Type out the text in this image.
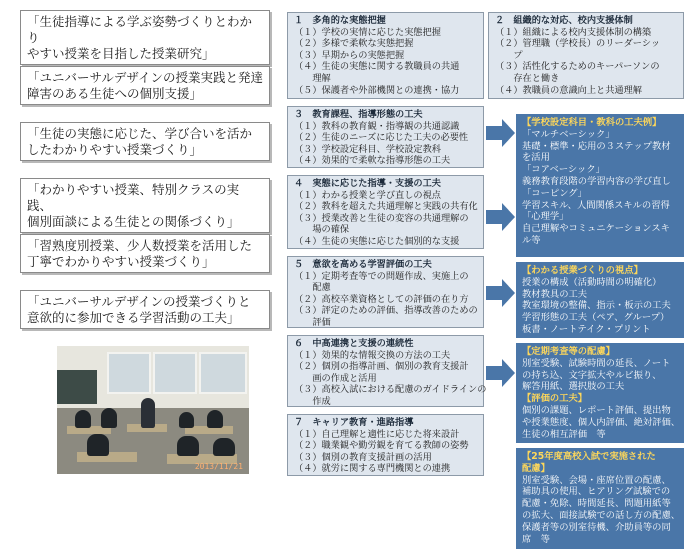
「生徒指導による学ぶ姿勢づくりとわかり
やすい授業を目指した授業研究」
「ユニバーサルデザインの授業実践と発達
障害のある生徒への個別支援」
「生徒の実態に応じた、学び合いを活か
したわかりやすい授業づくり」
「わかりやすい授業、特別クラスの実践、
個別面談による生徒との関係づくり」
「習熟度別授業、少人数授業を活用した
丁寧でわかりやすい授業づくり」
「ユニバーサルデザインの授業づくりと
意欲的に参加できる学習活動の工夫」
2013/11/21
１　多角的な実態把握
（１）学校の実情に応じた実態把握
（２）多様で柔軟な実態把握
（３）早期からの実態把握
（４）生徒の実態に関する教職員の共通
　　理解
（５）保護者や外部機関との連携・協力
２　組織的な対応、校内支援体制
（１）組織による校内支援体制の構築
（２）管理職（学校長）のリーダーシッ
　　プ
（３）活性化するためのキーパーソンの
　　存在と働き
（４）教職員の意識向上と共通理解
３　教育課程、指導形態の工夫
（１）教科の教育観・指導観の共通認識
（２）生徒のニーズに応じた工夫の必要性
（３）学校設定科目、学校設定教科
（４）効果的で柔軟な指導形態の工夫
４　実態に応じた指導・支援の工夫
（１）わかる授業と学び直しの視点
（２）教科を超えた共通理解と実践の共有化
（３）授業改善と生徒の変容の共通理解の
　　場の確保
（４）生徒の実態に応じた個別的な支援
５　意欲を高める学習評価の工夫
（１）定期考査等での問題作成、実施上の
　　配慮
（２）高校卒業資格としての評価の在り方
（３）評定のための評価、指導改善のための
　　評価
６　中高連携と支援の連続性
（１）効果的な情報交換の方法の工夫
（２）個別の指導計画、個別の教育支援計
　　画の作成と活用
（３）高校入試における配慮のガイドラインの
　　作成
７　キャリア教育・進路指導
（１）自己理解と適性に応じた将来設計
（２）職業観や勤労観を育てる教師の姿勢
（３）個別の教育支援計画の活用
（４）就労に関する専門機関との連携
【学校設定科目・教科の工夫例】
「マルチベーシック」
基礎・標準・応用の３ステップ教材
を活用
「コアベーシック」
義務教育段階の学習内容の学び直し
「コーピング」
学習スキル、人間関係スキルの習得
「心理学」
自己理解やコミュニケーションスキ
ル等
【わかる授業づくりの視点】
授業の構成（活動時間の明確化）
教材教具の工夫
教室環境の整備、指示・板示の工夫
学習形態の工夫（ペア、グループ）
板書・ノートテイク・プリント
【定期考査等の配慮】
別室受験、試験時間の延長、ノート
の持ち込、文字拡大やルビ振り、
解答用紙、選択肢の工夫
【評価の工夫】
個別の課題、レポート評価、提出物
や授業態度、個人内評価、絶対評価、
生徒の相互評価　等
【25年度高校入試で実施された
配慮】
別室受験、会場・座席位置の配慮、
補助具の使用、ヒアリング試験での
配慮・免除、時間延長、問題用紙等
の拡大、面接試験での話し方の配慮、
保護者等の別室待機、介助員等の同
席　等
